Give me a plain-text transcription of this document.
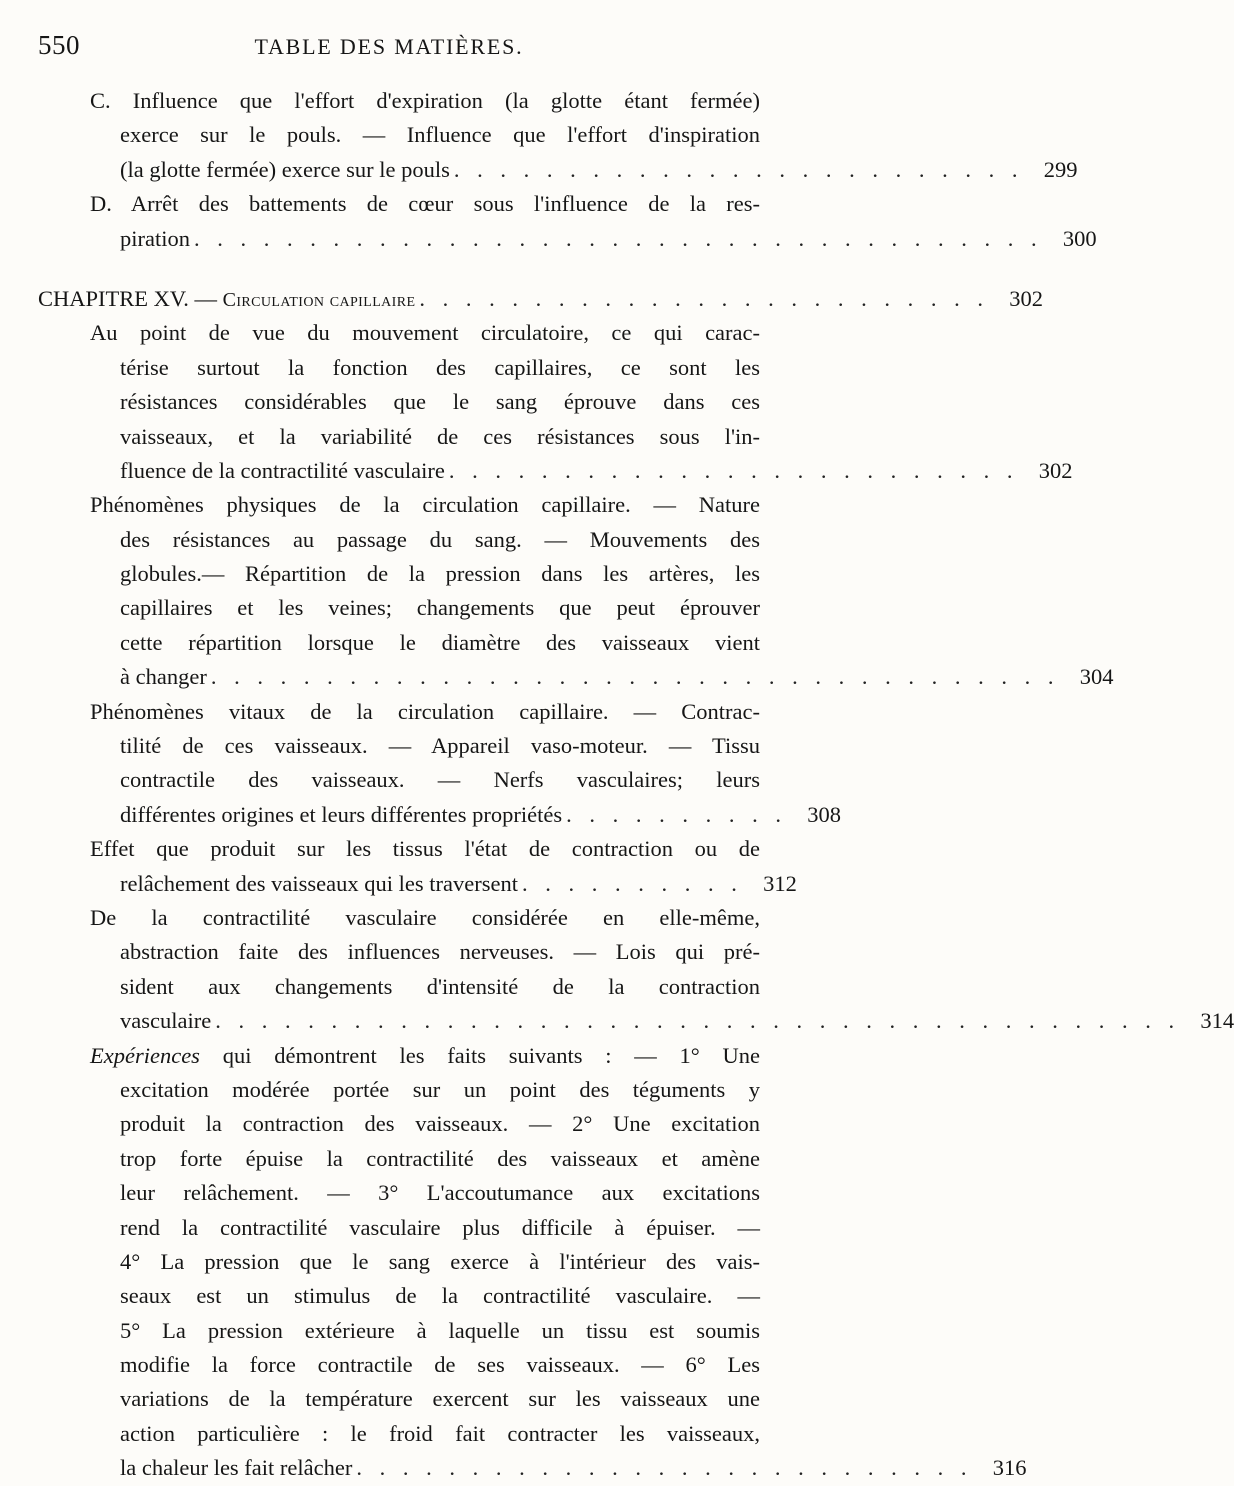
550	TABLE DES MATIÈRES.
C. Influence que l'effort d'expiration (la glotte étant fermée)
exerce sur le pouls. — Influence que l'effort d'inspiration
(la glotte fermée) exerce sur le pouls . . . . . . . . . . . . . . . . . . . . . . . . . 299
D. Arrêt des battements de cœur sous l'influence de la res-
piration . . . . . . . . . . . . . . . . . . . . . . . . . . . . . . . . . . . . . 300
CHAPITRE XV. — Circulation capillaire . . . . . . . . . . . . . . . . . . . . . . . . . 302
Au point de vue du mouvement circulatoire, ce qui carac-
térise surtout la fonction des capillaires, ce sont les
résistances considérables que le sang éprouve dans ces
vaisseaux, et la variabilité de ces résistances sous l'in-
fluence de la contractilité vasculaire . . . . . . . . . . . . . . . . . . . . . . . . . 302
Phénomènes physiques de la circulation capillaire. — Nature
des résistances au passage du sang. — Mouvements des
globules.— Répartition de la pression dans les artères, les
capillaires et les veines; changements que peut éprouver
cette répartition lorsque le diamètre des vaisseaux vient
à changer . . . . . . . . . . . . . . . . . . . . . . . . . . . . . . . . . . . . . 304
Phénomènes vitaux de la circulation capillaire. — Contrac-
tilité de ces vaisseaux. — Appareil vaso-moteur. — Tissu
contractile des vaisseaux. — Nerfs vasculaires; leurs
différentes origines et leurs différentes propriétés . . . . . . . . . . 308
Effet que produit sur les tissus l'état de contraction ou de
relâchement des vaisseaux qui les traversent . . . . . . . . . . 312
De la contractilité vasculaire considérée en elle-même,
abstraction faite des influences nerveuses. — Lois qui pré-
sident aux changements d'intensité de la contraction
vasculaire . . . . . . . . . . . . . . . . . . . . . . . . . . . . . . . . . . . . . . . . . . 314
Expériences qui démontrent les faits suivants : — 1° Une
excitation modérée portée sur un point des téguments y
produit la contraction des vaisseaux. — 2° Une excitation
trop forte épuise la contractilité des vaisseaux et amène
leur relâchement. — 3° L'accoutumance aux excitations
rend la contractilité vasculaire plus difficile à épuiser. —
4° La pression que le sang exerce à l'intérieur des vais-
seaux est un stimulus de la contractilité vasculaire. —
5° La pression extérieure à laquelle un tissu est soumis
modifie la force contractile de ses vaisseaux. — 6° Les
variations de la température exercent sur les vaisseaux une
action particulière : le froid fait contracter les vaisseaux,
la chaleur les fait relâcher . . . . . . . . . . . . . . . . . . . . . . . . . . . 316
